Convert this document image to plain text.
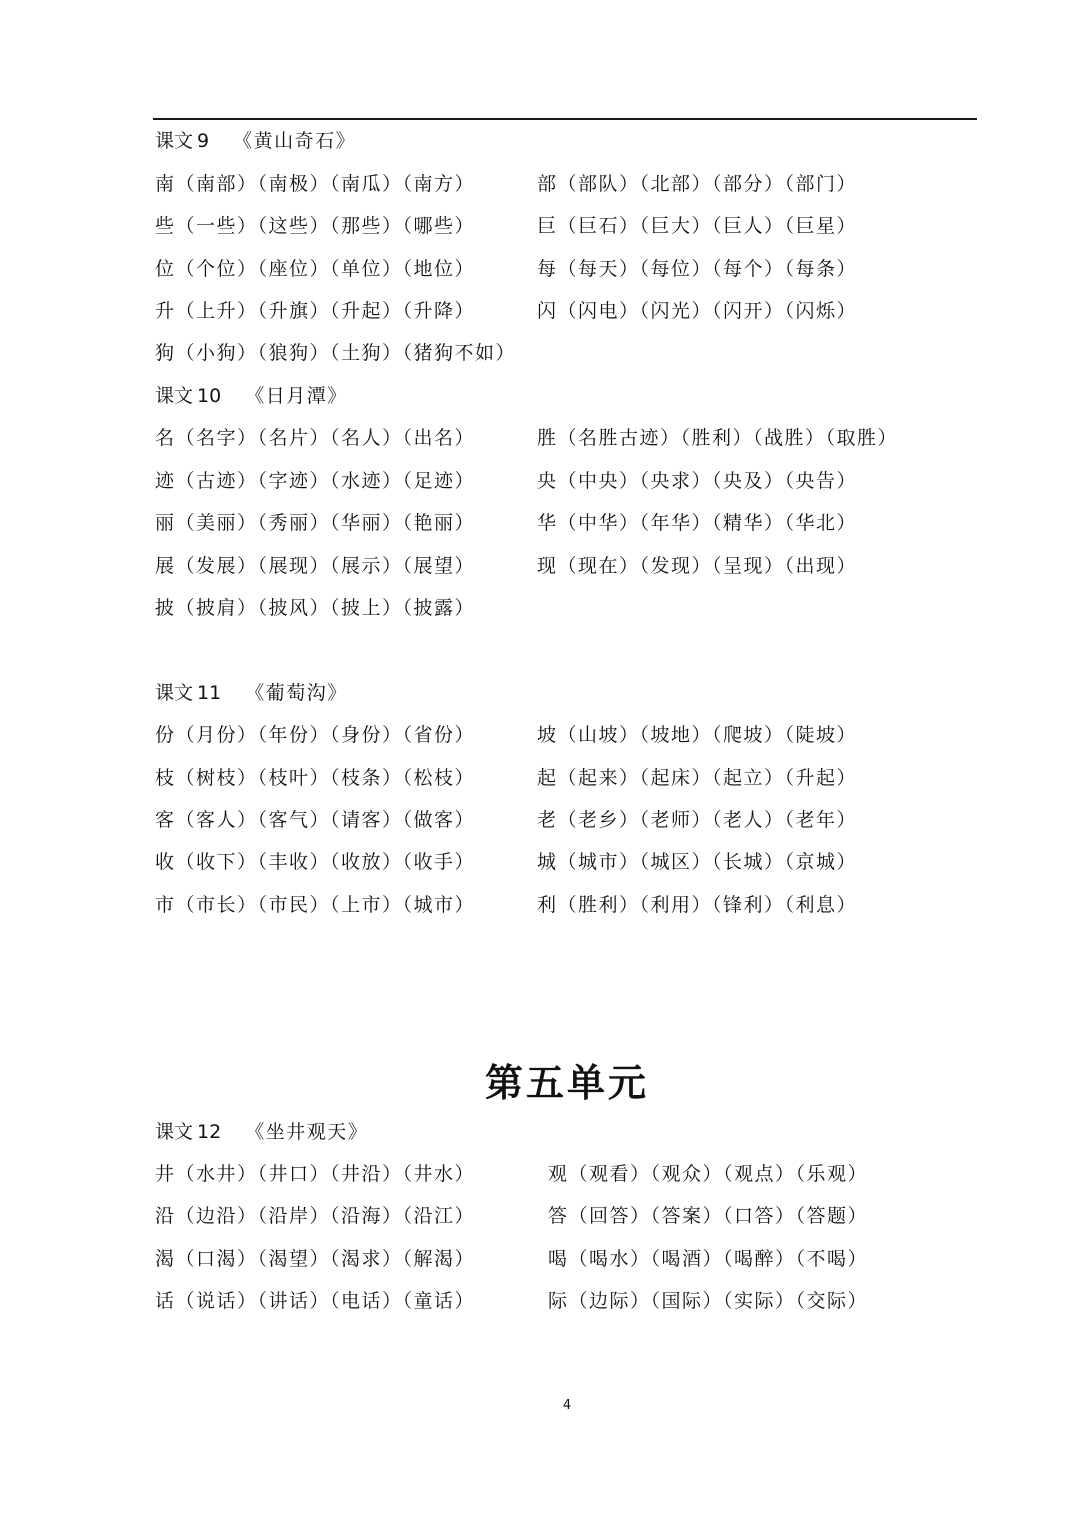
课文 9 《黄山奇石》
南（南部）（南极）（南瓜）（南方）	部（部队）（北部）（部分）（部门）
些（一些）（这些）（那些）（哪些）	巨（巨石）（巨大）（巨人）（巨星）
位（个位）（座位）（单位）（地位）	每（每天）（每位）（每个）（每条）
升（上升）（升旗）（升起）（升降）	闪（闪电）（闪光）（闪开）（闪烁）
狗（小狗）（狼狗）（土狗）（猪狗不如）
课文 10 《日月潭》
名（名字）（名片）（名人）（出名）	胜（名胜古迹）（胜利）（战胜）（取胜）
迹（古迹）（字迹）（水迹）（足迹）	央（中央）（央求）（央及）（央告）
丽（美丽）（秀丽）（华丽）（艳丽）	华（中华）（年华）（精华）（华北）
展（发展）（展现）（展示）（展望）	现（现在）（发现）（呈现）（出现）
披（披肩）（披风）（披上）（披露）
课文 11 《葡萄沟》
份（月份）（年份）（身份）（省份）	坡（山坡）（坡地）（爬坡）（陡坡）
枝（树枝）（枝叶）（枝条）（松枝）	起（起来）（起床）（起立）（升起）
客（客人）（客气）（请客）（做客）	老（老乡）（老师）（老人）（老年）
收（收下）（丰收）（收放）（收手）	城（城市）（城区）（长城）（京城）
市（市长）（市民）（上市）（城市）	利（胜利）（利用）（锋利）（利息）
第五单元
课文 12 《坐井观天》
井（水井）（井口）（井沿）（井水）	观（观看）（观众）（观点）（乐观）
沿（边沿）（沿岸）（沿海）（沿江）	答（回答）（答案）（口答）（答题）
渴（口渴）（渴望）（渴求）（解渴）	喝（喝水）（喝酒）（喝醉）（不喝）
话（说话）（讲话）（电话）（童话）	际（边际）（国际）（实际）（交际）
4
